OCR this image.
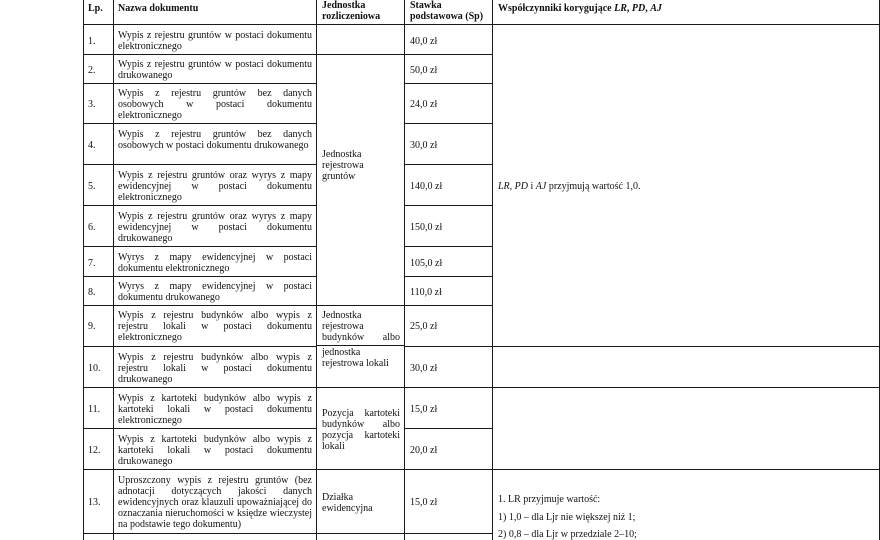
Lp.	Nazwa dokumentu	Jednostka rozliczeniowa
Stawka podstawowa (Sp)
Współczynniki korygujące LR, PD, AJ
1.
2.
3.
4.
5.
6.
7.
8.
9.
10.
11.
12.
13.
Wypis z rejestru gruntów w postaci dokumentu elektronicznego
Wypis z rejestru gruntów w postaci dokumentu drukowanego
Wypis z rejestru gruntów bez danych osobowych w postaci dokumentu elektronicznego
Wypis z rejestru gruntów bez danych osobowych w postaci dokumentu drukowanego
Wypis z rejestru gruntów oraz wyrys z mapy ewidencyjnej w postaci dokumentu elektronicznego
Wypis z rejestru gruntów oraz wyrys z mapy ewidencyjnej w postaci dokumentu drukowanego
Wyrys z mapy ewidencyjnej w postaci dokumentu elektronicznego
Wyrys z mapy ewidencyjnej w postaci dokumentu drukowanego
Wypis z rejestru budynków albo wypis z rejestru lokali w postaci dokumentu elektronicznego
Wypis z rejestru budynków albo wypis z rejestru lokali w postaci dokumentu drukowanego
Wypis z kartoteki budynków albo wypis z kartoteki lokali w postaci dokumentu elektronicznego
Wypis z kartoteki budynków albo wypis z kartoteki lokali w postaci dokumentu drukowanego
Uproszczony wypis z rejestru gruntów (bez adnotacji dotyczących jakości danych ewidencyjnych oraz klauzuli upoważniającej do oznaczania nieruchomości w księdze wieczystej na podstawie tego dokumentu)
Jednostka rejestrowa gruntów
Jednostka rejestrowa budynków albo
jednostka rejestrowa lokali
Pozycja kartoteki budynków albo pozycja kartoteki lokali
Działka ewidencyjna
40,0 zł
50,0 zł
24,0 zł
30,0 zł
140,0 zł
150,0 zł
105,0 zł
110,0 zł
25,0 zł
30,0 zł
15,0 zł
20,0 zł
15,0 zł
LR, PD i AJ przyjmują wartość 1,0.
1. LR przyjmuje wartość:
1) 1,0 – dla Ljr nie większej niż 1;
2) 0,8 – dla Ljr w przedziale 2–10;
